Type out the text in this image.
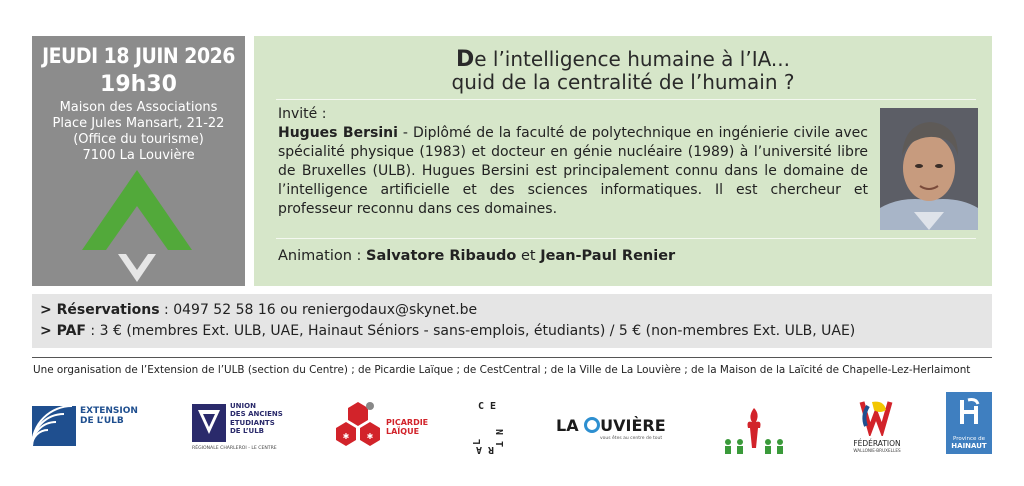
JEUDI 18 JUIN 2026
19h30
Maison des Associations
Place Jules Mansart, 21-22
(Office du tourisme)
7100 La Louvière
De l’intelligence humaine à l’IA...
quid de la centralité de l’humain ?
Invité :
Hugues Bersini - Diplômé de la faculté de polytechnique en ingénierie civile avec spécialité physique (1983) et docteur en génie nucléaire (1989) à l’université libre de Bruxelles (ULB). Hugues Bersini est principalement connu dans le domaine de l’intelligence artificielle et des sciences informatiques. Il est chercheur et professeur reconnu dans ces domaines.
Animation : Salvatore Ribaudo et Jean-Paul Renier
> Réservations : 0497 52 58 16 ou reniergodaux@skynet.be
> PAF : 3 € (membres Ext. ULB, UAE, Hainaut Séniors - sans-emplois, étudiants) / 5 € (non-membres Ext. ULB, UAE)
Une organisation de l’Extension de l’ULB (section du Centre) ; de Picardie Laïque ; de CestCentral ; de la Ville de La Louvière ; de la Maison de la Laïcité de Chapelle-Lez-Herlaimont
EXTENSION
DE L’ULB
UNION
DES ANCIENS
ETUDIANTS
DE L’ULB
RÉGIONALE CHARLEROI - LE CENTRE
✱ ✱
PICARDIE
LAÏQUE
C E
N T
R A
L
LA UVIÈRE
vous êtes au centre de tout
FÉDÉRATION
WALLONIE-BRUXELLES
Province de
HAINAUT
